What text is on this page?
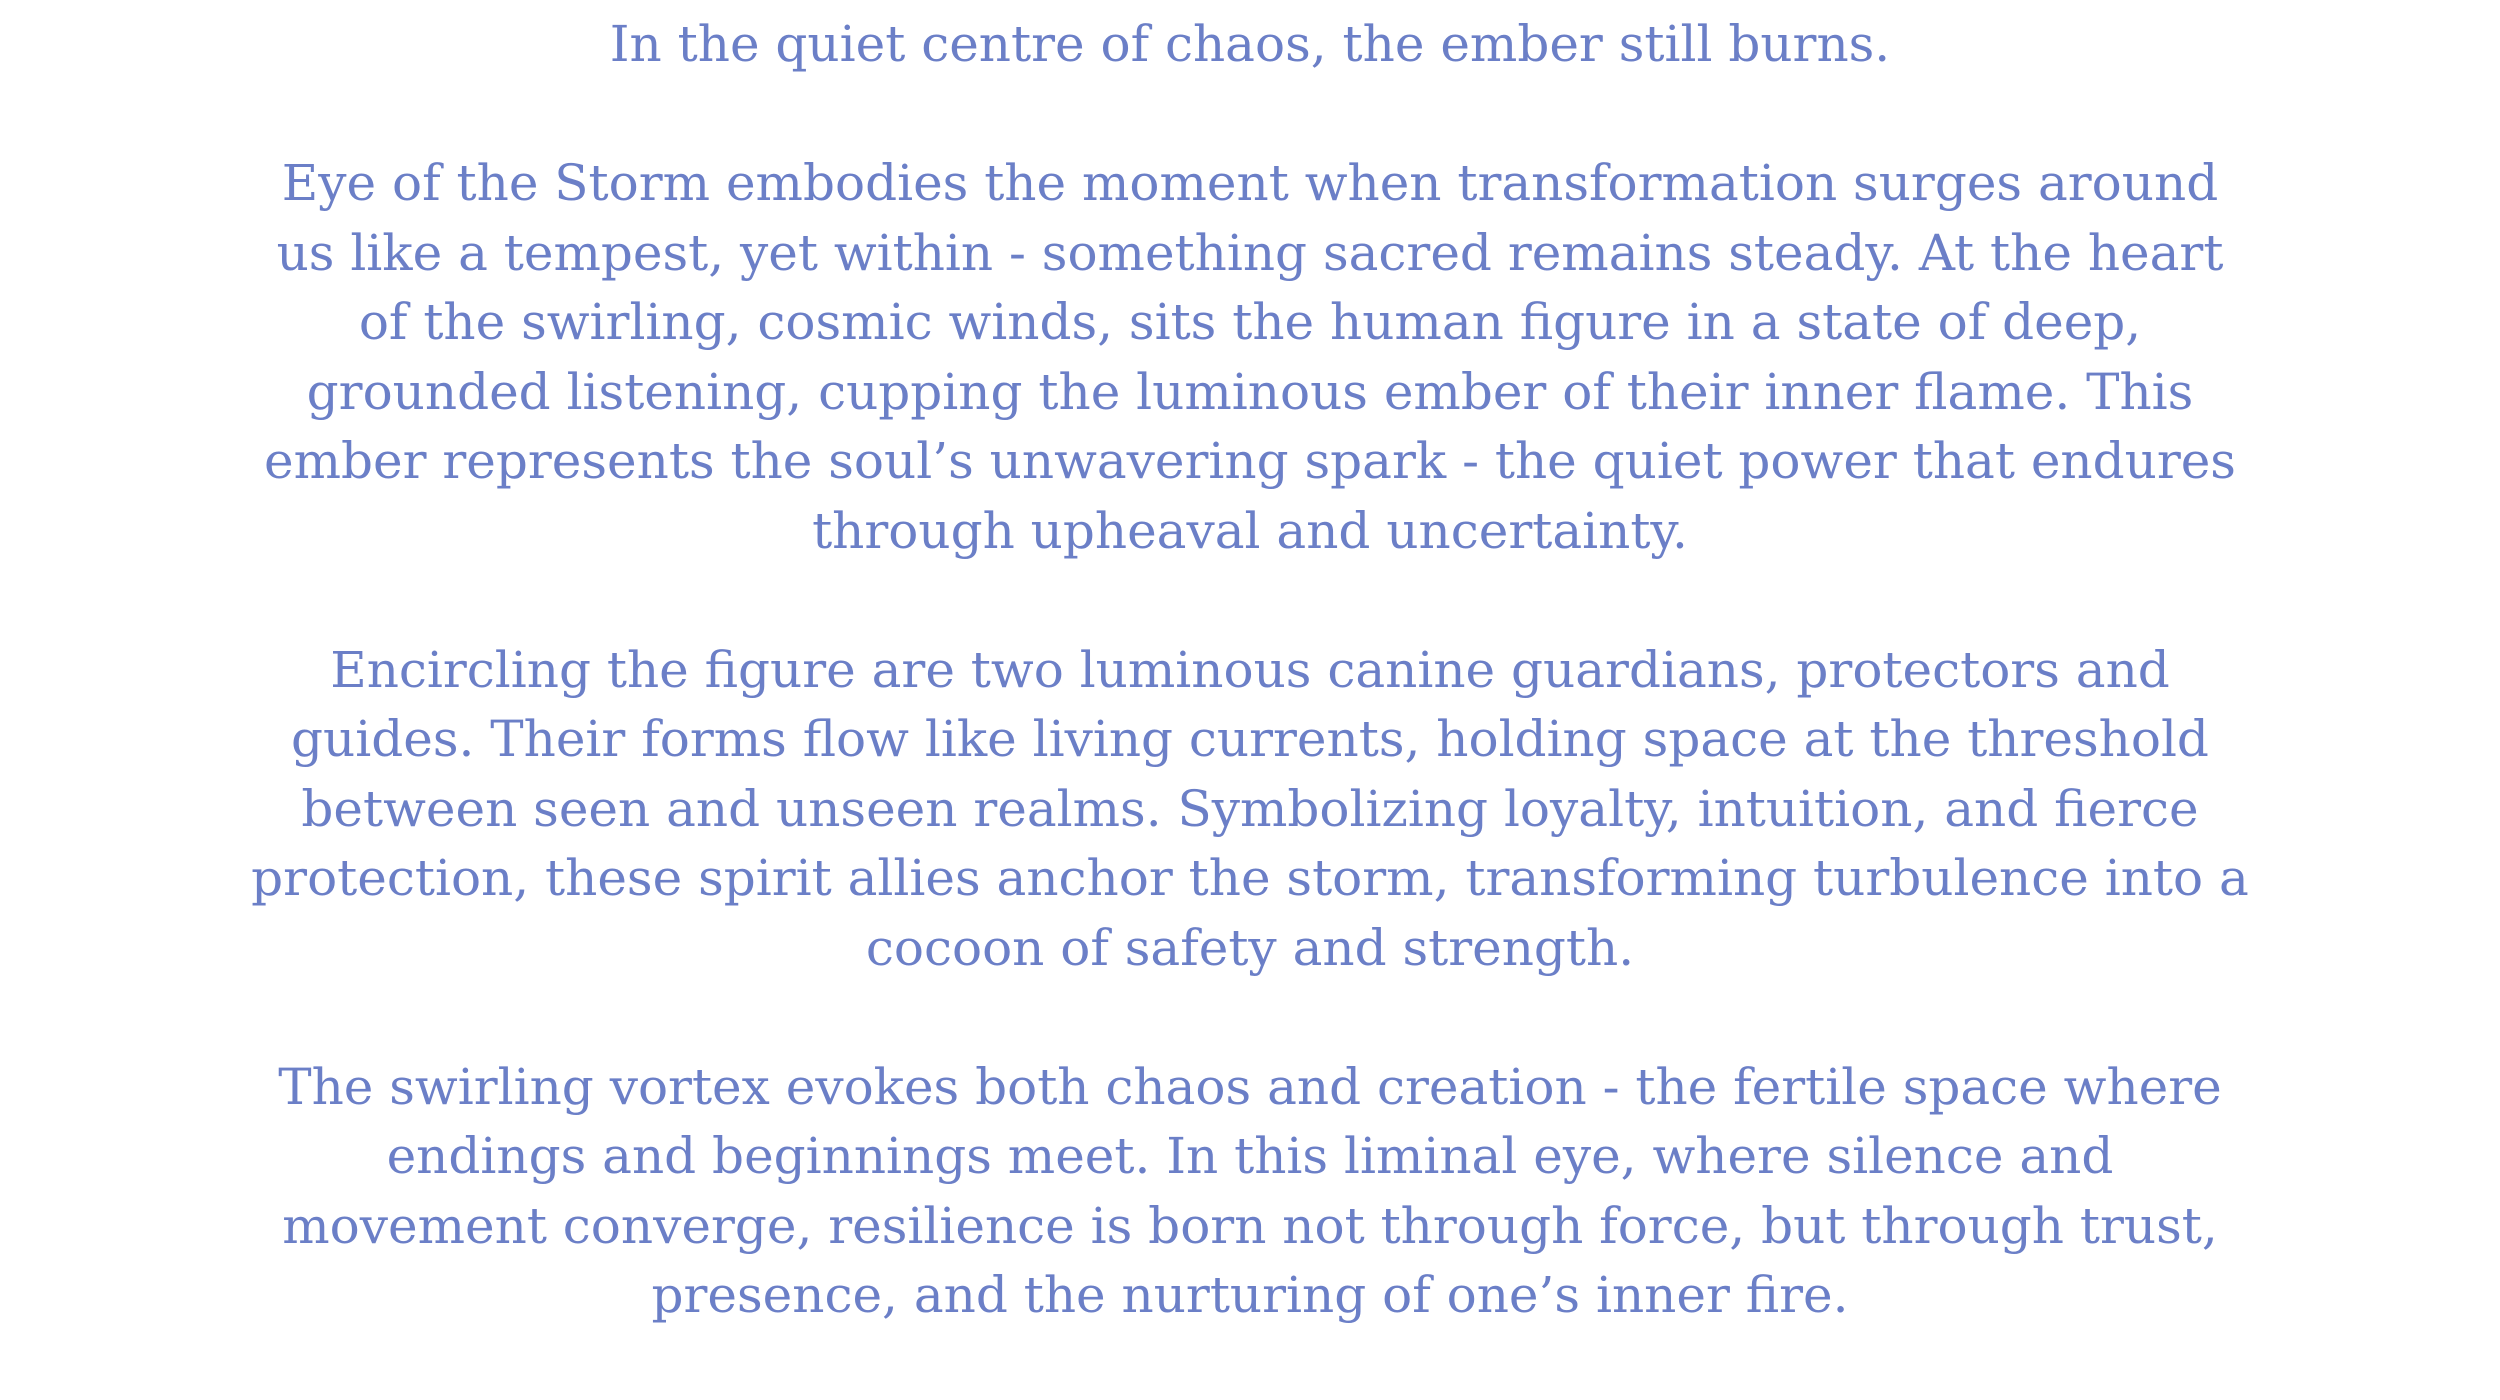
In the quiet centre of chaos, the ember still burns.

Eye of the Storm embodies the moment when transformation surges around us like a tempest, yet within - something sacred remains steady. At the heart of the swirling, cosmic winds, sits the human figure in a state of deep, grounded listening, cupping the luminous ember of their inner flame. This ember represents the soul’s unwavering spark - the quiet power that endures through upheaval and uncertainty.

Encircling the figure are two luminous canine guardians, protectors and guides. Their forms flow like living currents, holding space at the threshold between seen and unseen realms. Symbolizing loyalty, intuition, and fierce protection, these spirit allies anchor the storm, transforming turbulence into a cocoon of safety and strength.

The swirling vortex evokes both chaos and creation - the fertile space where endings and beginnings meet. In this liminal eye, where silence and movement converge, resilience is born not through force, but through trust, presence, and the nurturing of one’s inner fire.
